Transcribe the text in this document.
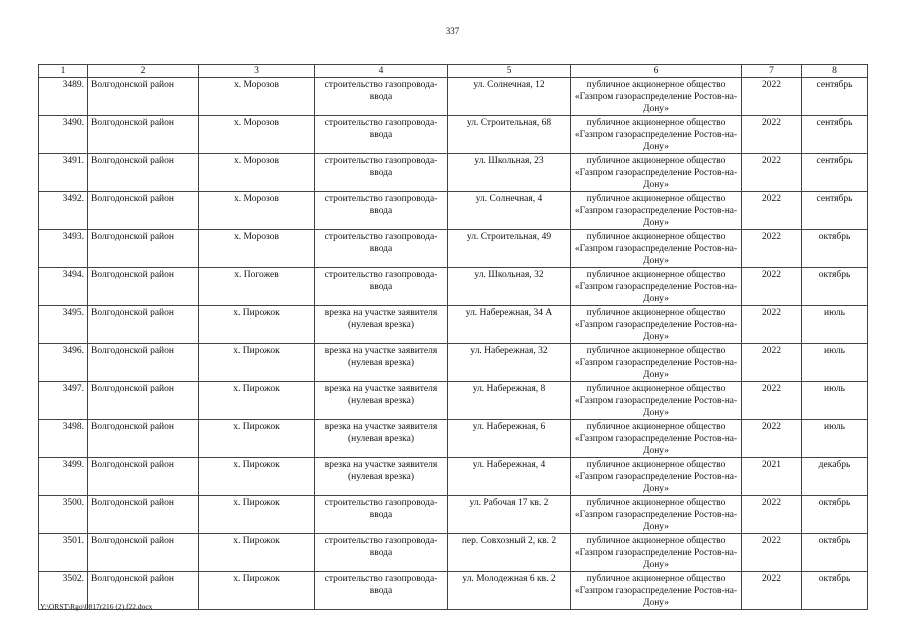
337
1	2	3	4	5	6	7	8
3489.	Волгодонской район	х. Морозов	строительство газопровода-ввода	ул. Солнечная, 12	публичное акционерное общество «Газпром газораспределение Ростов-на-Дону»	2022	сентябрь
3490.	Волгодонской район	х. Морозов	строительство газопровода-ввода	ул. Строительная, 68	публичное акционерное общество «Газпром газораспределение Ростов-на-Дону»	2022	сентябрь
3491.	Волгодонской район	х. Морозов	строительство газопровода-ввода	ул. Школьная, 23	публичное акционерное общество «Газпром газораспределение Ростов-на-Дону»	2022	сентябрь
3492.	Волгодонской район	х. Морозов	строительство газопровода-ввода	ул. Солнечная, 4	публичное акционерное общество «Газпром газораспределение Ростов-на-Дону»	2022	сентябрь
3493.	Волгодонской район	х. Морозов	строительство газопровода-ввода	ул. Строительная, 49	публичное акционерное общество «Газпром газораспределение Ростов-на-Дону»	2022	октябрь
3494.	Волгодонской район	х. Погожев	строительство газопровода-ввода	ул. Школьная, 32	публичное акционерное общество «Газпром газораспределение Ростов-на-Дону»	2022	октябрь
3495.	Волгодонской район	х. Пирожок	врезка на участке заявителя (нулевая врезка)	ул. Набережная, 34 А	публичное акционерное общество «Газпром газораспределение Ростов-на-Дону»	2022	июль
3496.	Волгодонской район	х. Пирожок	врезка на участке заявителя (нулевая врезка)	ул. Набережная, 32	публичное акционерное общество «Газпром газораспределение Ростов-на-Дону»	2022	июль
3497.	Волгодонской район	х. Пирожок	врезка на участке заявителя (нулевая врезка)	ул. Набережная, 8	публичное акционерное общество «Газпром газораспределение Ростов-на-Дону»	2022	июль
3498.	Волгодонской район	х. Пирожок	врезка на участке заявителя (нулевая врезка)	ул. Набережная, 6	публичное акционерное общество «Газпром газораспределение Ростов-на-Дону»	2022	июль
3499.	Волгодонской район	х. Пирожок	врезка на участке заявителя (нулевая врезка)	ул. Набережная, 4	публичное акционерное общество «Газпром газораспределение Ростов-на-Дону»	2021	декабрь
3500.	Волгодонской район	х. Пирожок	строительство газопровода-ввода	ул. Рабочая 17 кв. 2	публичное акционерное общество «Газпром газораспределение Ростов-на-Дону»	2022	октябрь
3501.	Волгодонской район	х. Пирожок	строительство газопровода-ввода	пер. Совхозный 2, кв. 2	публичное акционерное общество «Газпром газораспределение Ростов-на-Дону»	2022	октябрь
3502.	Волгодонской район	х. Пирожок	строительство газопровода-ввода	ул. Молодежная 6 кв. 2	публичное акционерное общество «Газпром газораспределение Ростов-на-Дону»	2022	октябрь
Y:\ORST\Rgo\0817r216 (2).f22.docx
